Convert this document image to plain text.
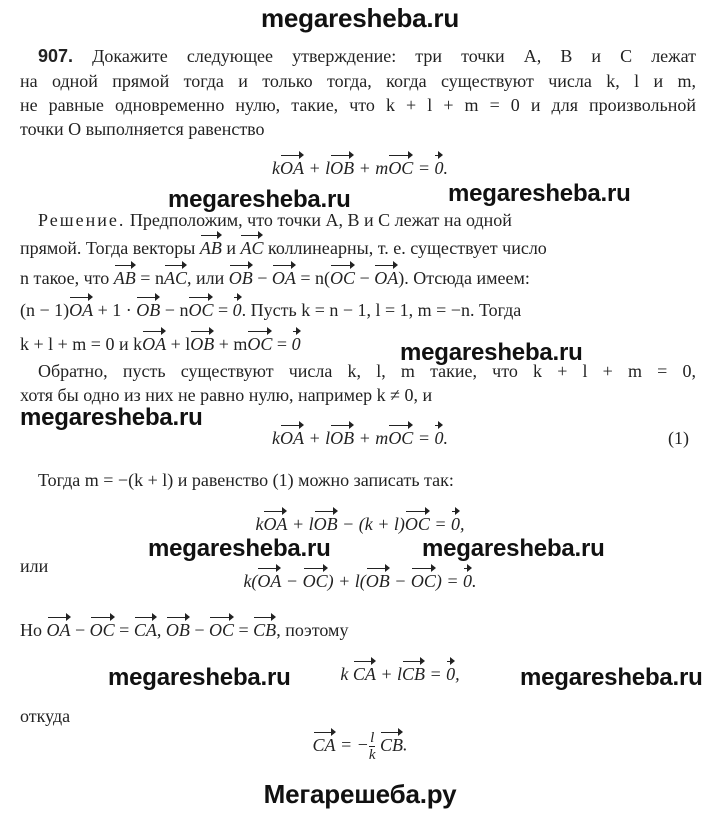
megaresheba.ru
megaresheba.ru	megaresheba.ru
megaresheba.ru
megaresheba.ru
megaresheba.ru	megaresheba.ru
megaresheba.ru	megaresheba.ru
Мегарешеба.ру
907. Докажите следующее утверждение: три точки A, B и C лежат
на одной прямой тогда и только тогда, когда существуют числа k, l и m,
не равные одновременно нулю, такие, что k + l + m = 0 и для произвольной
точки O выполняется равенство
kOA + lOB + mOC = 0.
Решение. Предположим, что точки A, B и C лежат на одной
прямой. Тогда векторы AB и AC коллинеарны, т. е. существует число
n такое, что AB = nAC, или OB − OA = n(OC − OA). Отсюда имеем:
(n − 1)OA + 1 · OB − nOC = 0. Пусть k = n − 1, l = 1, m = −n. Тогда
k + l + m = 0 и kOA + lOB + mOC = 0
Обратно, пусть существуют числа k, l, m такие, что k + l + m = 0,
хотя бы одно из них не равно нулю, например k ≠ 0, и
kOA + lOB + mOC = 0.	(1)
Тогда m = −(k + l) и равенство (1) можно записать так:
kOA + lOB − (k + l)OC = 0,
или
k(OA − OC) + l(OB − OC) = 0.
Но OA − OC = CA, OB − OC = CB, поэтому
k CA + lCB = 0,
откуда
CA = − $\frac{l}{k}$ CB.
